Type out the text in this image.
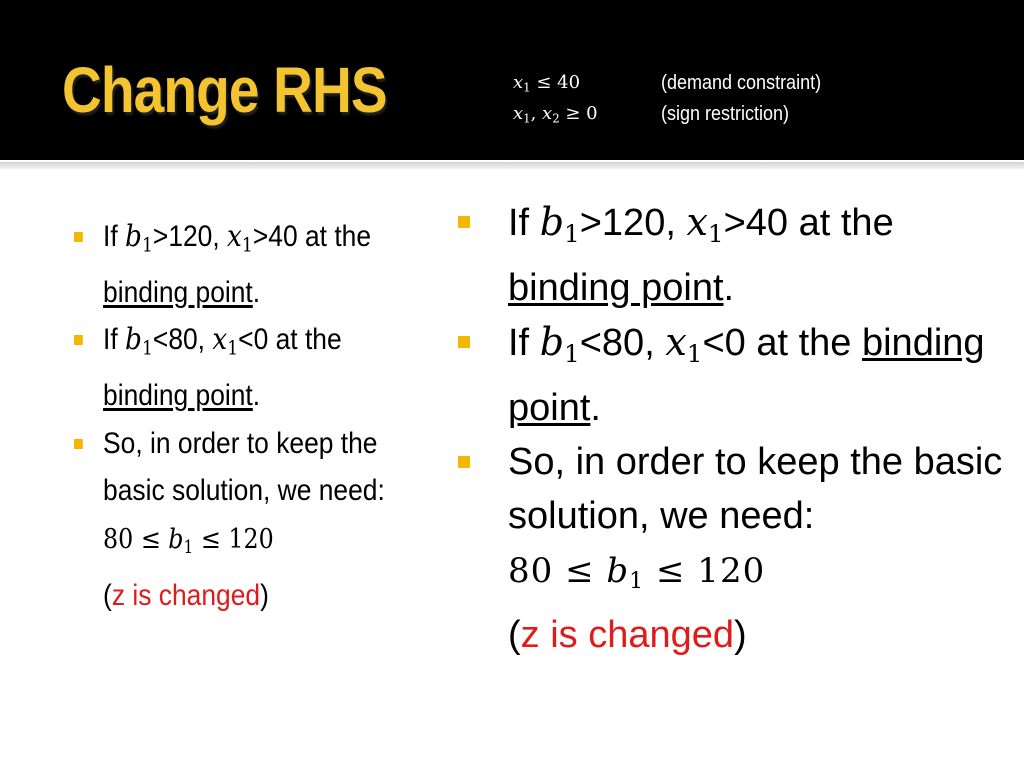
Change RHS	$x_1 \le 40$	(demand constraint)
$x_1$, $x_2 \ge 0$	(sign restriction)
If $b_1>120$, $x_1>40$ at the binding point.
If $b_1<80$, $x_1<0$ at the binding point.
So, in order to keep the basic solution, we need:
$80 \le b_1 \le 120$
(z is changed)
If $b_1>120$, $x_1>40$ at the binding point.
If $b_1<80$, $x_1<0$ at the binding point.
So, in order to keep the basic solution, we need:
$80 \le b_1 \le 120$
(z is changed)
